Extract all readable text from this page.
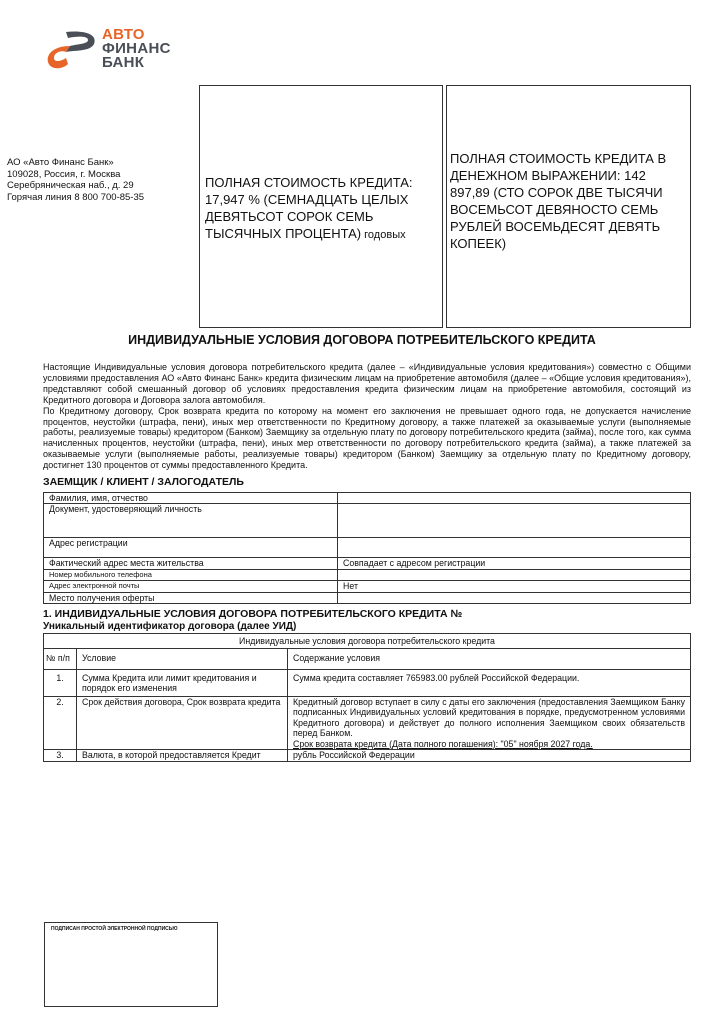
АВТО
ФИНАНС
БАНК
АО «Авто Финанс Банк»
109028, Россия, г. Москва
Серебряническая наб., д. 29
Горячая линия 8 800 700-85-35
ПОЛНАЯ СТОИМОСТЬ КРЕДИТА: 17,947 % (СЕМНАДЦАТЬ ЦЕЛЫХ ДЕВЯТЬСОТ СОРОК СЕМЬ ТЫСЯЧНЫХ ПРОЦЕНТА) годовых
ПОЛНАЯ СТОИМОСТЬ КРЕДИТА В ДЕНЕЖНОМ ВЫРАЖЕНИИ: 142 897,89 (СТО СОРОК ДВЕ ТЫСЯЧИ ВОСЕМЬСОТ ДЕВЯНОСТО СЕМЬ РУБЛЕЙ ВОСЕМЬДЕСЯТ ДЕВЯТЬ КОПЕЕК)
ИНДИВИДУАЛЬНЫЕ УСЛОВИЯ ДОГОВОРА ПОТРЕБИТЕЛЬСКОГО КРЕДИТА
Настоящие Индивидуальные условия договора потребительского кредита (далее – «Индивидуальные условия кредитования») совместно с Общими условиями предоставления АО «Авто Финанс Банк» кредита физическим лицам на приобретение автомобиля (далее – «Общие условия кредитования»), представляют собой смешанный договор об условиях предоставления кредита физическим лицам на приобретение автомобиля, состоящий из Кредитного договора и Договора залога автомобиля.
По Кредитному договору, Срок возврата кредита по которому на момент его заключения не превышает одного года, не допускается начисление процентов, неустойки (штрафа, пени), иных мер ответственности по Кредитному договору, а также платежей за оказываемые услуги (выполняемые работы, реализуемые товары) кредитором (Банком) Заемщику за отдельную плату по договору потребительского кредита (займа), после того, как сумма начисленных процентов, неустойки (штрафа, пени), иных мер ответственности по договору потребительского кредита (займа), а также платежей за оказываемые услуги (выполняемые работы, реализуемые товары) кредитором (Банком) Заемщику за отдельную плату по Кредитному договору, достигнет 130 процентов от суммы предоставленного Кредита.
ЗАЕМЩИК / КЛИЕНТ / ЗАЛОГОДАТЕЛЬ
Фамилия, имя, отчество	
Документ, удостоверяющий личность	
Адрес регистрации	
Фактический адрес места жительства	Совпадает с адресом регистрации
Номер мобильного телефона	
Адрес электронной почты	Нет
Место получения оферты	
1. ИНДИВИДУАЛЬНЫЕ УСЛОВИЯ ДОГОВОРА ПОТРЕБИТЕЛЬСКОГО КРЕДИТА №
Уникальный идентификатор договора (далее УИД)
Индивидуальные условия договора потребительского кредита		
№ п/п	Условие	Содержание условия
1.	Сумма Кредита или лимит кредитования и порядок его изменения	Сумма кредита составляет 765983.00 рублей Российской Федерации.
2.	Срок действия договора, Срок возврата кредита	Кредитный договор вступает в силу с даты его заключения (предоставления Заемщиком Банку подписанных Индивидуальных условий кредитования в порядке, предусмотренном условиями Кредитного договора) и действует до полного исполнения Заемщиком своих обязательств перед Банком.
Срок возврата кредита (Дата полного погашения): "05" ноября 2027 года.

3.	Валюта, в которой предоставляется Кредит	рубль Российской Федерации
ПОДПИСАН ПРОСТОЙ ЭЛЕКТРОННОЙ ПОДПИСЬЮ
